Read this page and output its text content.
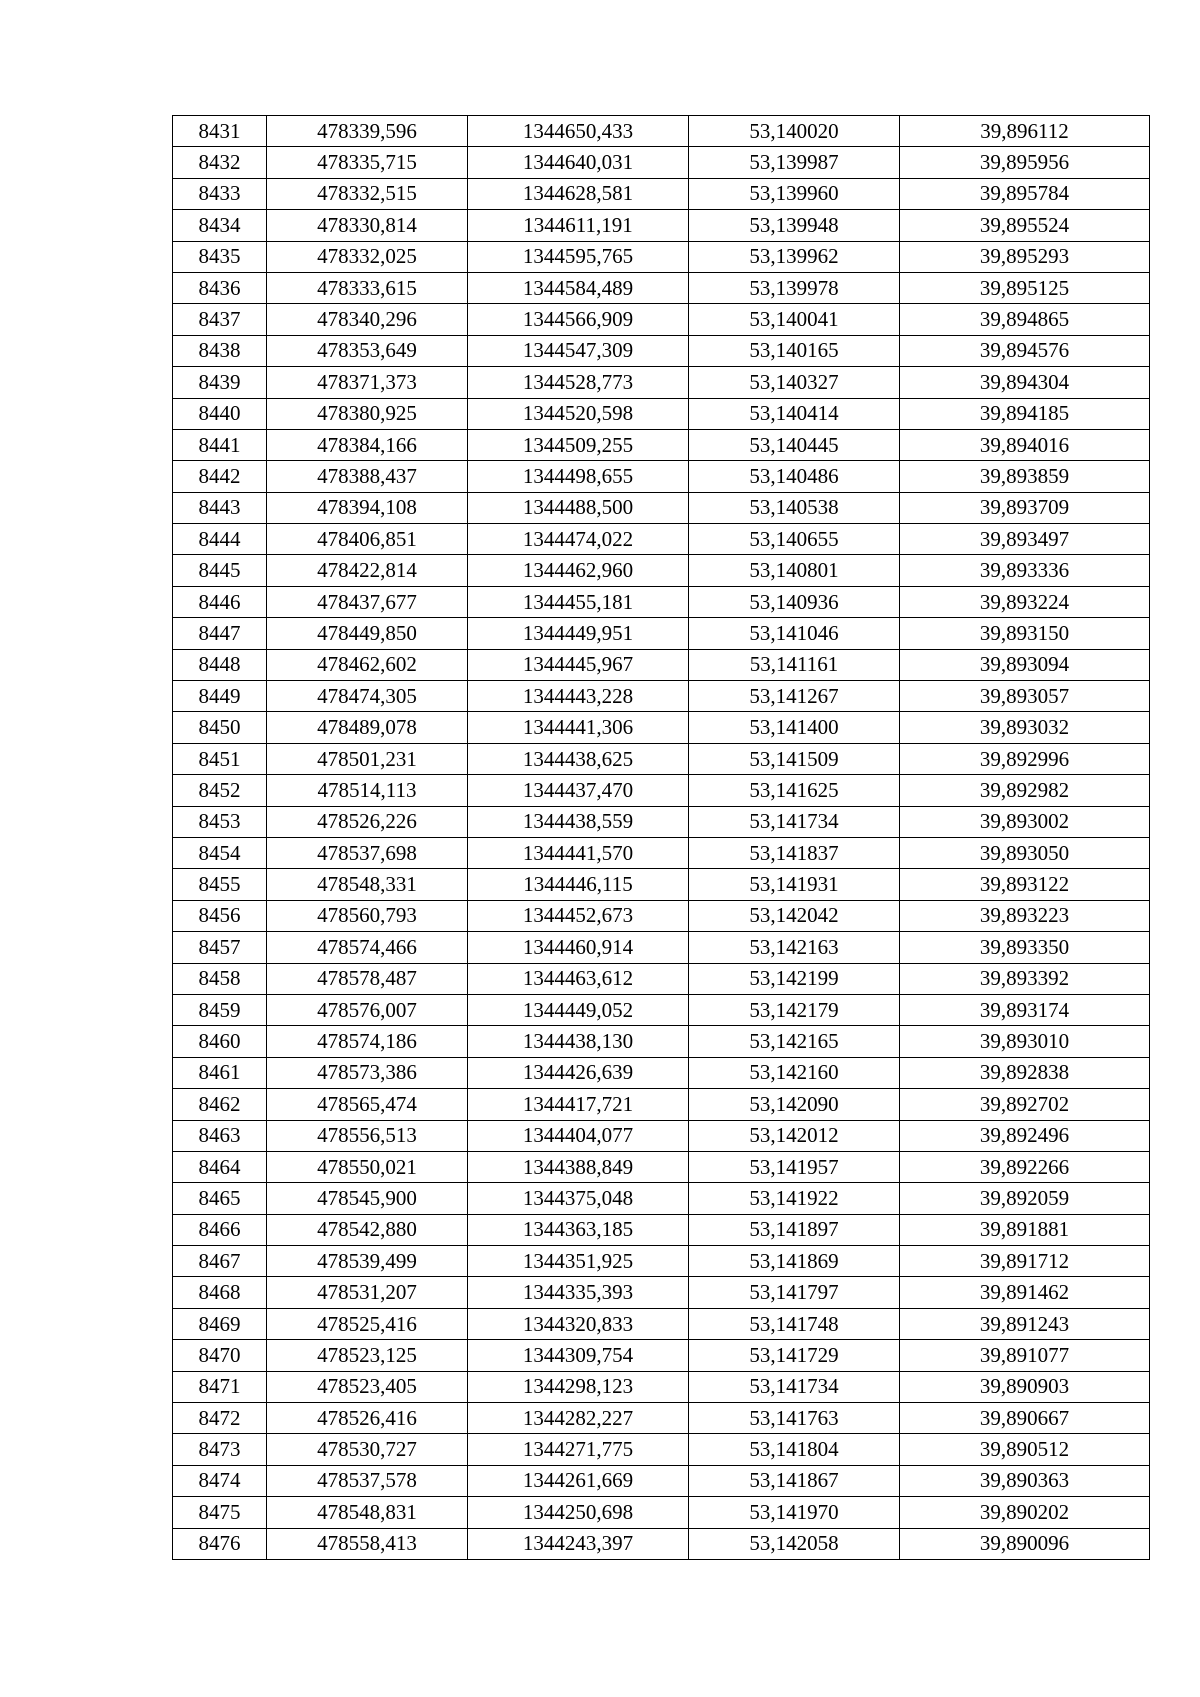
8431	478339,596	1344650,433	53,140020	39,896112
8432	478335,715	1344640,031	53,139987	39,895956
8433	478332,515	1344628,581	53,139960	39,895784
8434	478330,814	1344611,191	53,139948	39,895524
8435	478332,025	1344595,765	53,139962	39,895293
8436	478333,615	1344584,489	53,139978	39,895125
8437	478340,296	1344566,909	53,140041	39,894865
8438	478353,649	1344547,309	53,140165	39,894576
8439	478371,373	1344528,773	53,140327	39,894304
8440	478380,925	1344520,598	53,140414	39,894185
8441	478384,166	1344509,255	53,140445	39,894016
8442	478388,437	1344498,655	53,140486	39,893859
8443	478394,108	1344488,500	53,140538	39,893709
8444	478406,851	1344474,022	53,140655	39,893497
8445	478422,814	1344462,960	53,140801	39,893336
8446	478437,677	1344455,181	53,140936	39,893224
8447	478449,850	1344449,951	53,141046	39,893150
8448	478462,602	1344445,967	53,141161	39,893094
8449	478474,305	1344443,228	53,141267	39,893057
8450	478489,078	1344441,306	53,141400	39,893032
8451	478501,231	1344438,625	53,141509	39,892996
8452	478514,113	1344437,470	53,141625	39,892982
8453	478526,226	1344438,559	53,141734	39,893002
8454	478537,698	1344441,570	53,141837	39,893050
8455	478548,331	1344446,115	53,141931	39,893122
8456	478560,793	1344452,673	53,142042	39,893223
8457	478574,466	1344460,914	53,142163	39,893350
8458	478578,487	1344463,612	53,142199	39,893392
8459	478576,007	1344449,052	53,142179	39,893174
8460	478574,186	1344438,130	53,142165	39,893010
8461	478573,386	1344426,639	53,142160	39,892838
8462	478565,474	1344417,721	53,142090	39,892702
8463	478556,513	1344404,077	53,142012	39,892496
8464	478550,021	1344388,849	53,141957	39,892266
8465	478545,900	1344375,048	53,141922	39,892059
8466	478542,880	1344363,185	53,141897	39,891881
8467	478539,499	1344351,925	53,141869	39,891712
8468	478531,207	1344335,393	53,141797	39,891462
8469	478525,416	1344320,833	53,141748	39,891243
8470	478523,125	1344309,754	53,141729	39,891077
8471	478523,405	1344298,123	53,141734	39,890903
8472	478526,416	1344282,227	53,141763	39,890667
8473	478530,727	1344271,775	53,141804	39,890512
8474	478537,578	1344261,669	53,141867	39,890363
8475	478548,831	1344250,698	53,141970	39,890202
8476	478558,413	1344243,397	53,142058	39,890096
